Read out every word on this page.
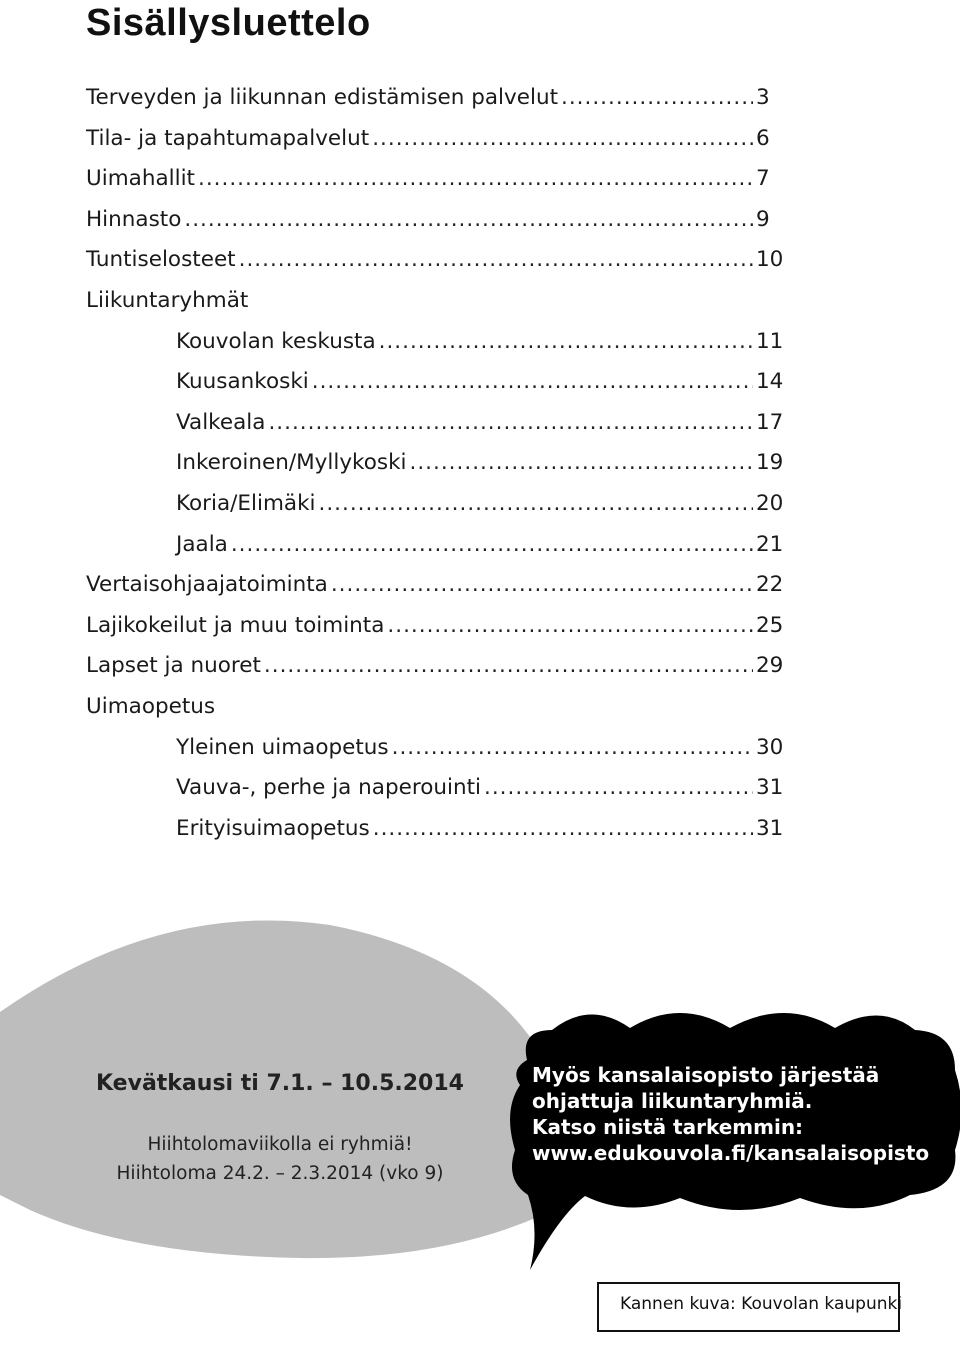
Sisällysluettelo
Terveyden ja liikunnan edistämisen palvelut .....	3
Tila- ja tapahtumapalvelut .....	6
Uimahallit .....	7
Hinnasto .....	9
Tuntiselosteet .....	10
Liikuntaryhmät
Kouvolan keskusta .....	11
Kuusankoski .....	14
Valkeala .....	17
Inkeroinen/Myllykoski .....	19
Koria/Elimäki .....	20
Jaala .....	21
Vertaisohjaajatoiminta .....	22
Lajikokeilut ja muu toiminta .....	25
Lapset ja nuoret .....	29
Uimaopetus
Yleinen uimaopetus .....	30
Vauva-, perhe ja naperouinti .....	31
Erityisuimaopetus .....	31
Kevätkausi ti 7.1. – 10.5.2014
Hiihtolomaviikolla ei ryhmiä!
Hiihtoloma 24.2. – 2.3.2014 (vko 9)
Myös kansalaisopisto järjestää
ohjattuja liikuntaryhmiä.
Katso niistä tarkemmin:
www.edukouvola.fi/kansalaisopisto
Kannen kuva: Kouvolan kaupunki
